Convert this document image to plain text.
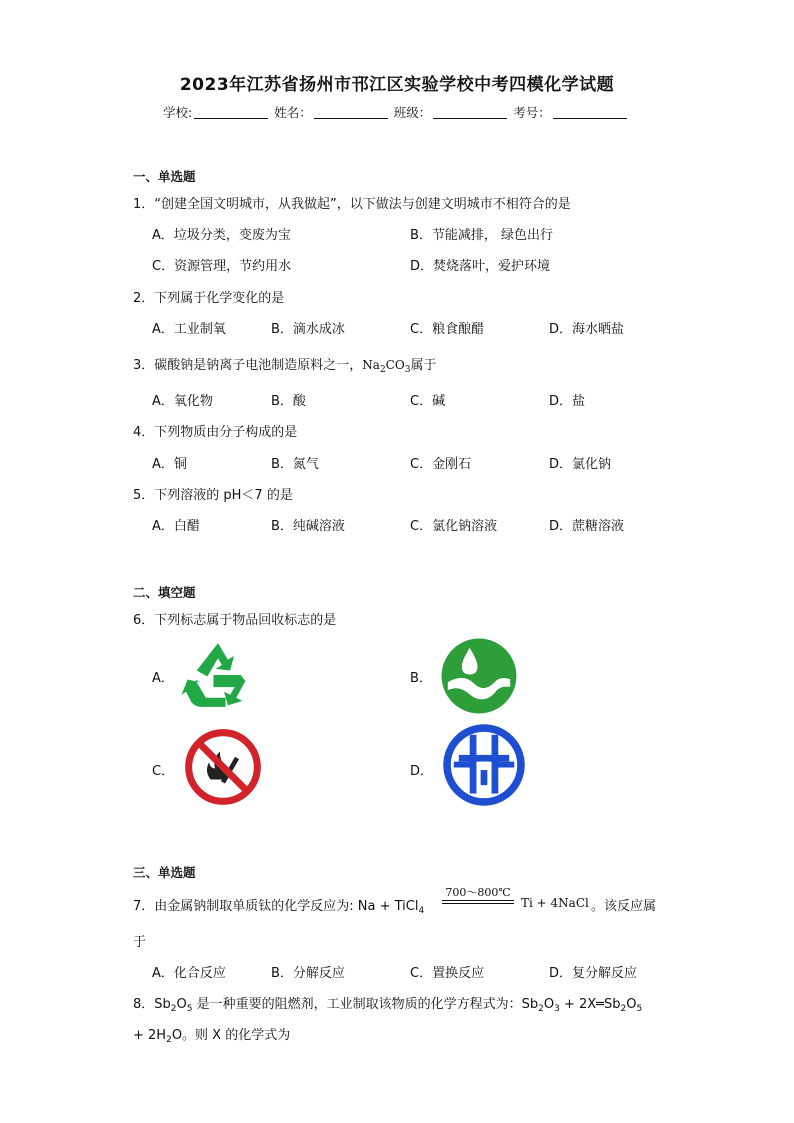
2023年江苏省扬州市邗江区实验学校中考四模化学试题
学校:	姓名：	班级：	考号：
一、单选题
1．“创建全国文明城市，从我做起”，以下做法与创建文明城市不相符合的是
A．垃圾分类，变废为宝	B．节能减排， 绿色出行
C．资源管理，节约用水	D．焚烧落叶，爱护环境
2．下列属于化学变化的是
A．工业制氧	B．滴水成冰	C．粮食酿醋	D．海水晒盐
3．碳酸钠是钠离子电池制造原料之一，$Na_2CO_3$属于
A．氧化物	B．酸	C．碱	D．盐
4．下列物质由分子构成的是
A．铜	B．氮气	C．金刚石	D．氯化钠
5．下列溶液的 pH＜7 的是
A．白醋	B．纯碱溶液	C．氯化钠溶液	D．蔗糖溶液
二、填空题
6．下列标志属于物品回收标志的是
A．	B．
C．	D．
三、单选题
7．由金属钠制取单质钛的化学反应为: Na + TiCl$_4$
700～800℃
Ti + 4NaCl 。该反应属
于
A．化合反应	B．分解反应	C．置换反应	D．复分解反应
8．$Sb_2O_5$ 是一种重要的阻燃剂，工业制取该物质的化学方程式为：$Sb_2O_3$ + $2X═Sb_2O_5$
+ $2H_2O$。则 X 的化学式为
